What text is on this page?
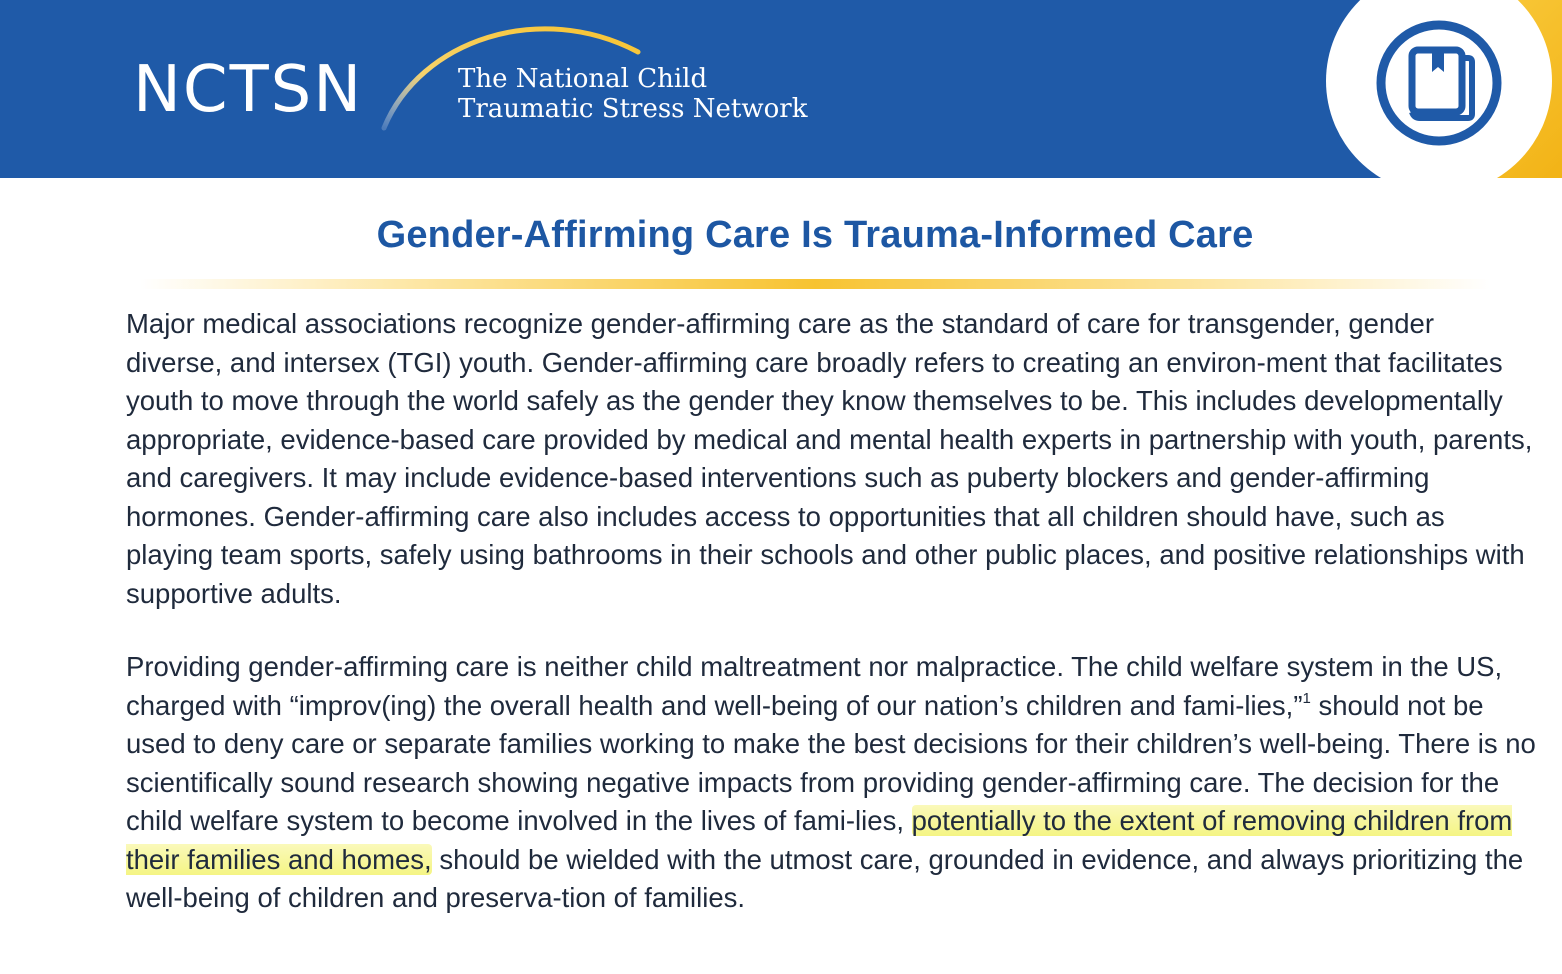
NCTSN	The National Child
Traumatic Stress Network
Gender-Affirming Care Is Trauma-Informed Care

Major medical associations recognize gender-affirming care as the standard of care for transgender, gender diverse, and intersex (TGI) youth. Gender-affirming care broadly refers to creating an environ-ment that facilitates youth to move through the world safely as the gender they know themselves to be. This includes developmentally appropriate, evidence-based care provided by medical and mental health experts in partnership with youth, parents, and caregivers. It may include evidence-based interventions such as puberty blockers and gender-affirming hormones. Gender-affirming care also includes access to opportunities that all children should have, such as playing team sports, safely using bathrooms in their schools and other public places, and positive relationships with supportive adults.

Providing gender-affirming care is neither child maltreatment nor malpractice. The child welfare system in the US, charged with “improv(ing) the overall health and well-being of our nation’s children and fami-lies,”$^1$ should not be used to deny care or separate families working to make the best decisions for their children’s well-being. There is no scientifically sound research showing negative impacts from providing gender-affirming care. The decision for the child welfare system to become involved in the lives of fami-lies, potentially to the extent of removing children from their families and homes, should be wielded with the utmost care, grounded in evidence, and always prioritizing the well-being of children and preserva-tion of families.
